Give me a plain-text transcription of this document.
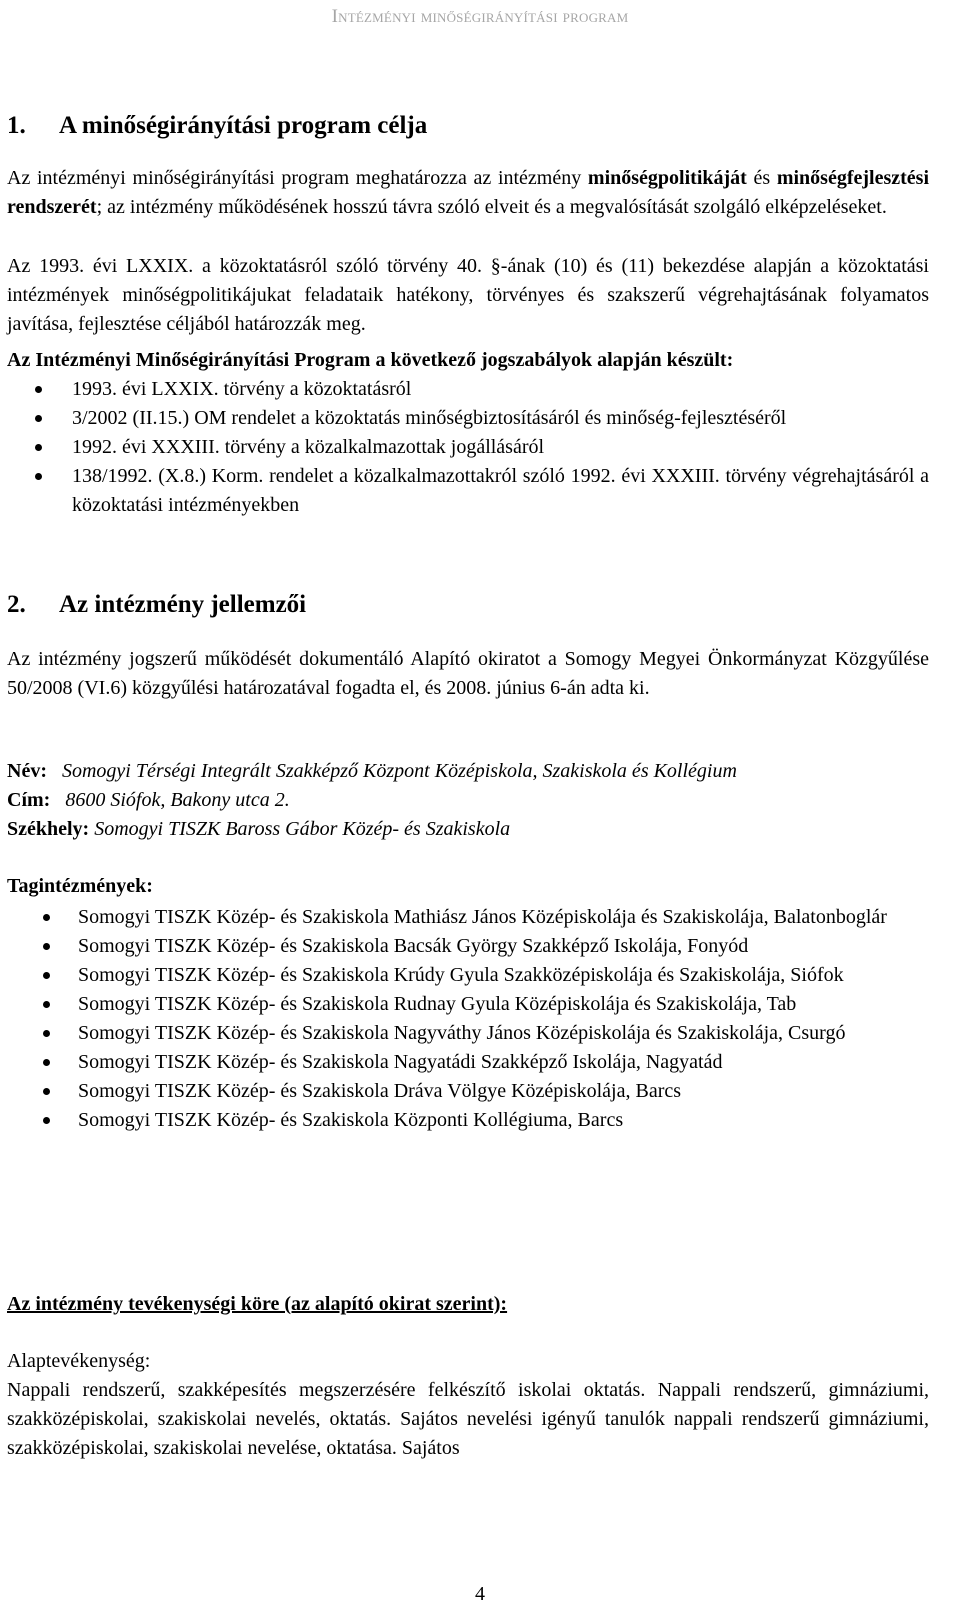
Intézményi minőségirányítási program
1. A minőségirányítási program célja

Az intézményi minőségirányítási program meghatározza az intézmény minőségpolitikáját és minőségfejlesztési rendszerét; az intézmény működésének hosszú távra szóló elveit és a megvalósítását szolgáló elképzeléseket.

Az 1993. évi LXXIX. a közoktatásról szóló törvény 40. §-ának (10) és (11) bekezdése alapján a közoktatási intézmények minőségpolitikájukat feladataik hatékony, törvényes és szakszerű végrehajtásának folyamatos javítása, fejlesztése céljából határozzák meg.

Az Intézményi Minőségirányítási Program a következő jogszabályok alapján készült:

1993. évi LXXIX. törvény a közoktatásról
3/2002 (II.15.) OM rendelet a közoktatás minőségbiztosításáról és minőség-fejlesztéséről
1992. évi XXXIII. törvény a közalkalmazottak jogállásáról
138/1992. (X.8.) Korm. rendelet a közalkalmazottakról szóló 1992. évi XXXIII. törvény végrehajtásáról a közoktatási intézményekben
2. Az intézmény jellemzői

Az intézmény jogszerű működését dokumentáló Alapító okiratot a Somogy Megyei Önkormányzat Közgyűlése 50/2008 (VI.6) közgyűlési határozatával fogadta el, és 2008. június 6-án adta ki.

Név: Somogyi Térségi Integrált Szakképző Központ Középiskola, Szakiskola és Kollégium
Cím: 8600 Siófok, Bakony utca 2.
Székhely: Somogyi TISZK Baross Gábor Közép- és Szakiskola

Tagintézmények:

Somogyi TISZK Közép- és Szakiskola Mathiász János Középiskolája és Szakiskolája, Balatonboglár
Somogyi TISZK Közép- és Szakiskola Bacsák György Szakképző Iskolája, Fonyód
Somogyi TISZK Közép- és Szakiskola Krúdy Gyula Szakközépiskolája és Szakiskolája, Siófok
Somogyi TISZK Közép- és Szakiskola Rudnay Gyula Középiskolája és Szakiskolája, Tab
Somogyi TISZK Közép- és Szakiskola Nagyváthy János Középiskolája és Szakiskolája, Csurgó
Somogyi TISZK Közép- és Szakiskola Nagyatádi Szakképző Iskolája, Nagyatád
Somogyi TISZK Közép- és Szakiskola Dráva Völgye Középiskolája, Barcs
Somogyi TISZK Közép- és Szakiskola Központi Kollégiuma, Barcs

Az intézmény tevékenységi köre (az alapító okirat szerint):

Alaptevékenység:

Nappali rendszerű, szakképesítés megszerzésére felkészítő iskolai oktatás. Nappali rendszerű, gimnáziumi, szakközépiskolai, szakiskolai nevelés, oktatás. Sajátos nevelési igényű tanulók nappali rendszerű gimnáziumi, szakközépiskolai, szakiskolai nevelése, oktatása. Sajátos

4
